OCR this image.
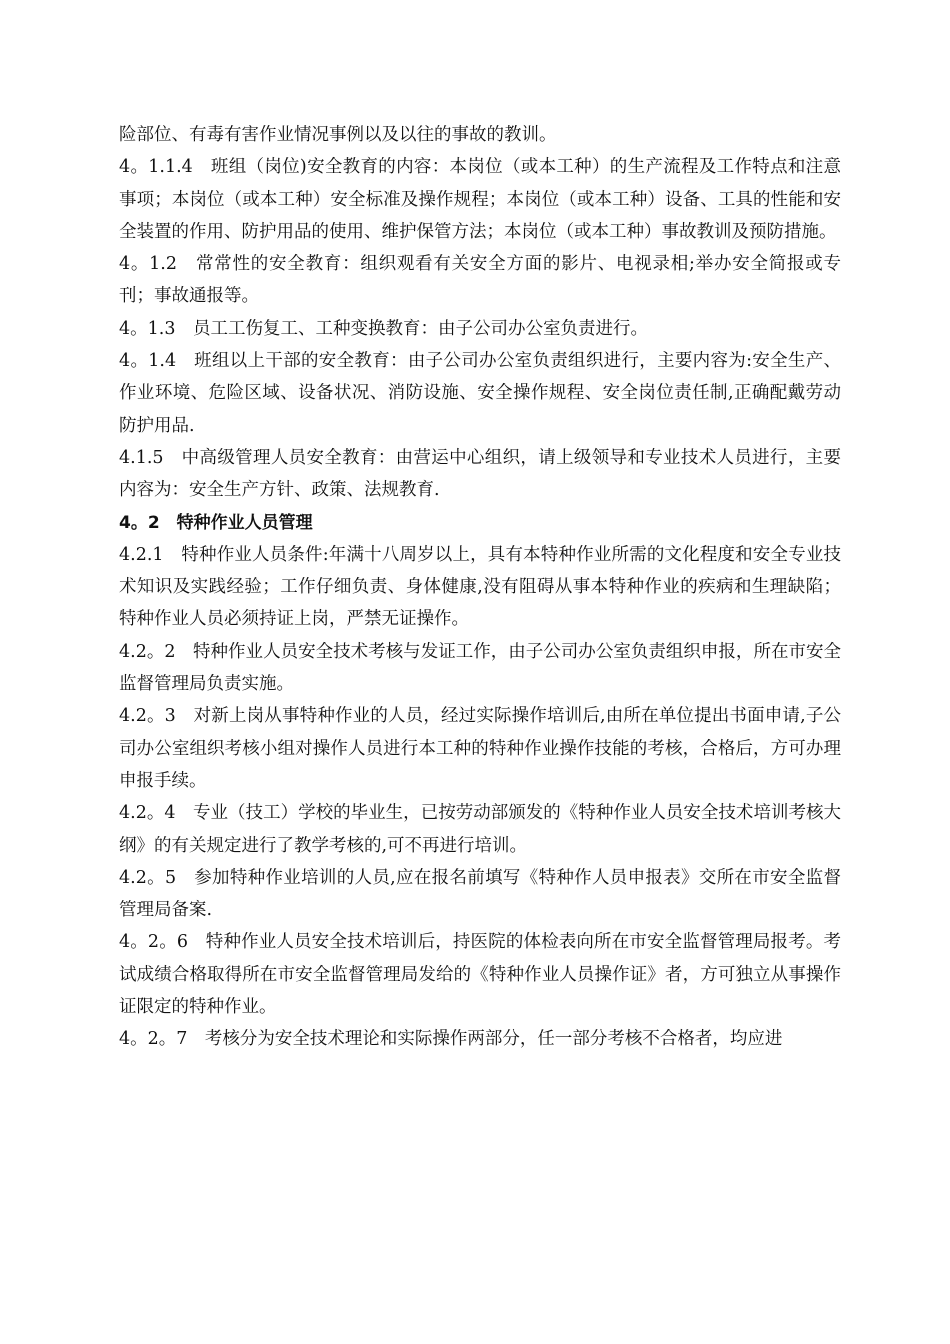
险部位、有毒有害作业情况事例以及以往的事故的教训。

4。1.1.4　班组（岗位)安全教育的内容：本岗位（或本工种）的生产流程及工作特点和注意事项；本岗位（或本工种）安全标准及操作规程；本岗位（或本工种）设备、工具的性能和安全装置的作用、防护用品的使用、维护保管方法；本岗位（或本工种）事故教训及预防措施。

4。1.2　常常性的安全教育：组织观看有关安全方面的影片、电视录相;举办安全简报或专刊；事故通报等。

4。1.3　员工工伤复工、工种变换教育：由子公司办公室负责进行。

4。1.4　班组以上干部的安全教育：由子公司办公室负责组织进行，主要内容为:安全生产、作业环境、危险区域、设备状况、消防设施、安全操作规程、安全岗位责任制,正确配戴劳动防护用品.

4.1.5　中高级管理人员安全教育：由营运中心组织，请上级领导和专业技术人员进行，主要内容为：安全生产方针、政策、法规教育.

4。2　特种作业人员管理

4.2.1　特种作业人员条件:年满十八周岁以上，具有本特种作业所需的文化程度和安全专业技术知识及实践经验；工作仔细负责、身体健康,没有阻碍从事本特种作业的疾病和生理缺陷；特种作业人员必须持证上岗，严禁无证操作。

4.2。2　特种作业人员安全技术考核与发证工作，由子公司办公室负责组织申报，所在市安全监督管理局负责实施。

4.2。3　对新上岗从事特种作业的人员，经过实际操作培训后,由所在单位提出书面申请,子公司办公室组织考核小组对操作人员进行本工种的特种作业操作技能的考核，合格后，方可办理申报手续。

4.2。4　专业（技工）学校的毕业生，已按劳动部颁发的《特种作业人员安全技术培训考核大纲》的有关规定进行了教学考核的,可不再进行培训。

4.2。5　参加特种作业培训的人员,应在报名前填写《特种作人员申报表》交所在市安全监督管理局备案.

4。2。6　特种作业人员安全技术培训后，持医院的体检表向所在市安全监督管理局报考。考试成绩合格取得所在市安全监督管理局发给的《特种作业人员操作证》者，方可独立从事操作证限定的特种作业。

4。2。7　考核分为安全技术理论和实际操作两部分，任一部分考核不合格者，均应进
